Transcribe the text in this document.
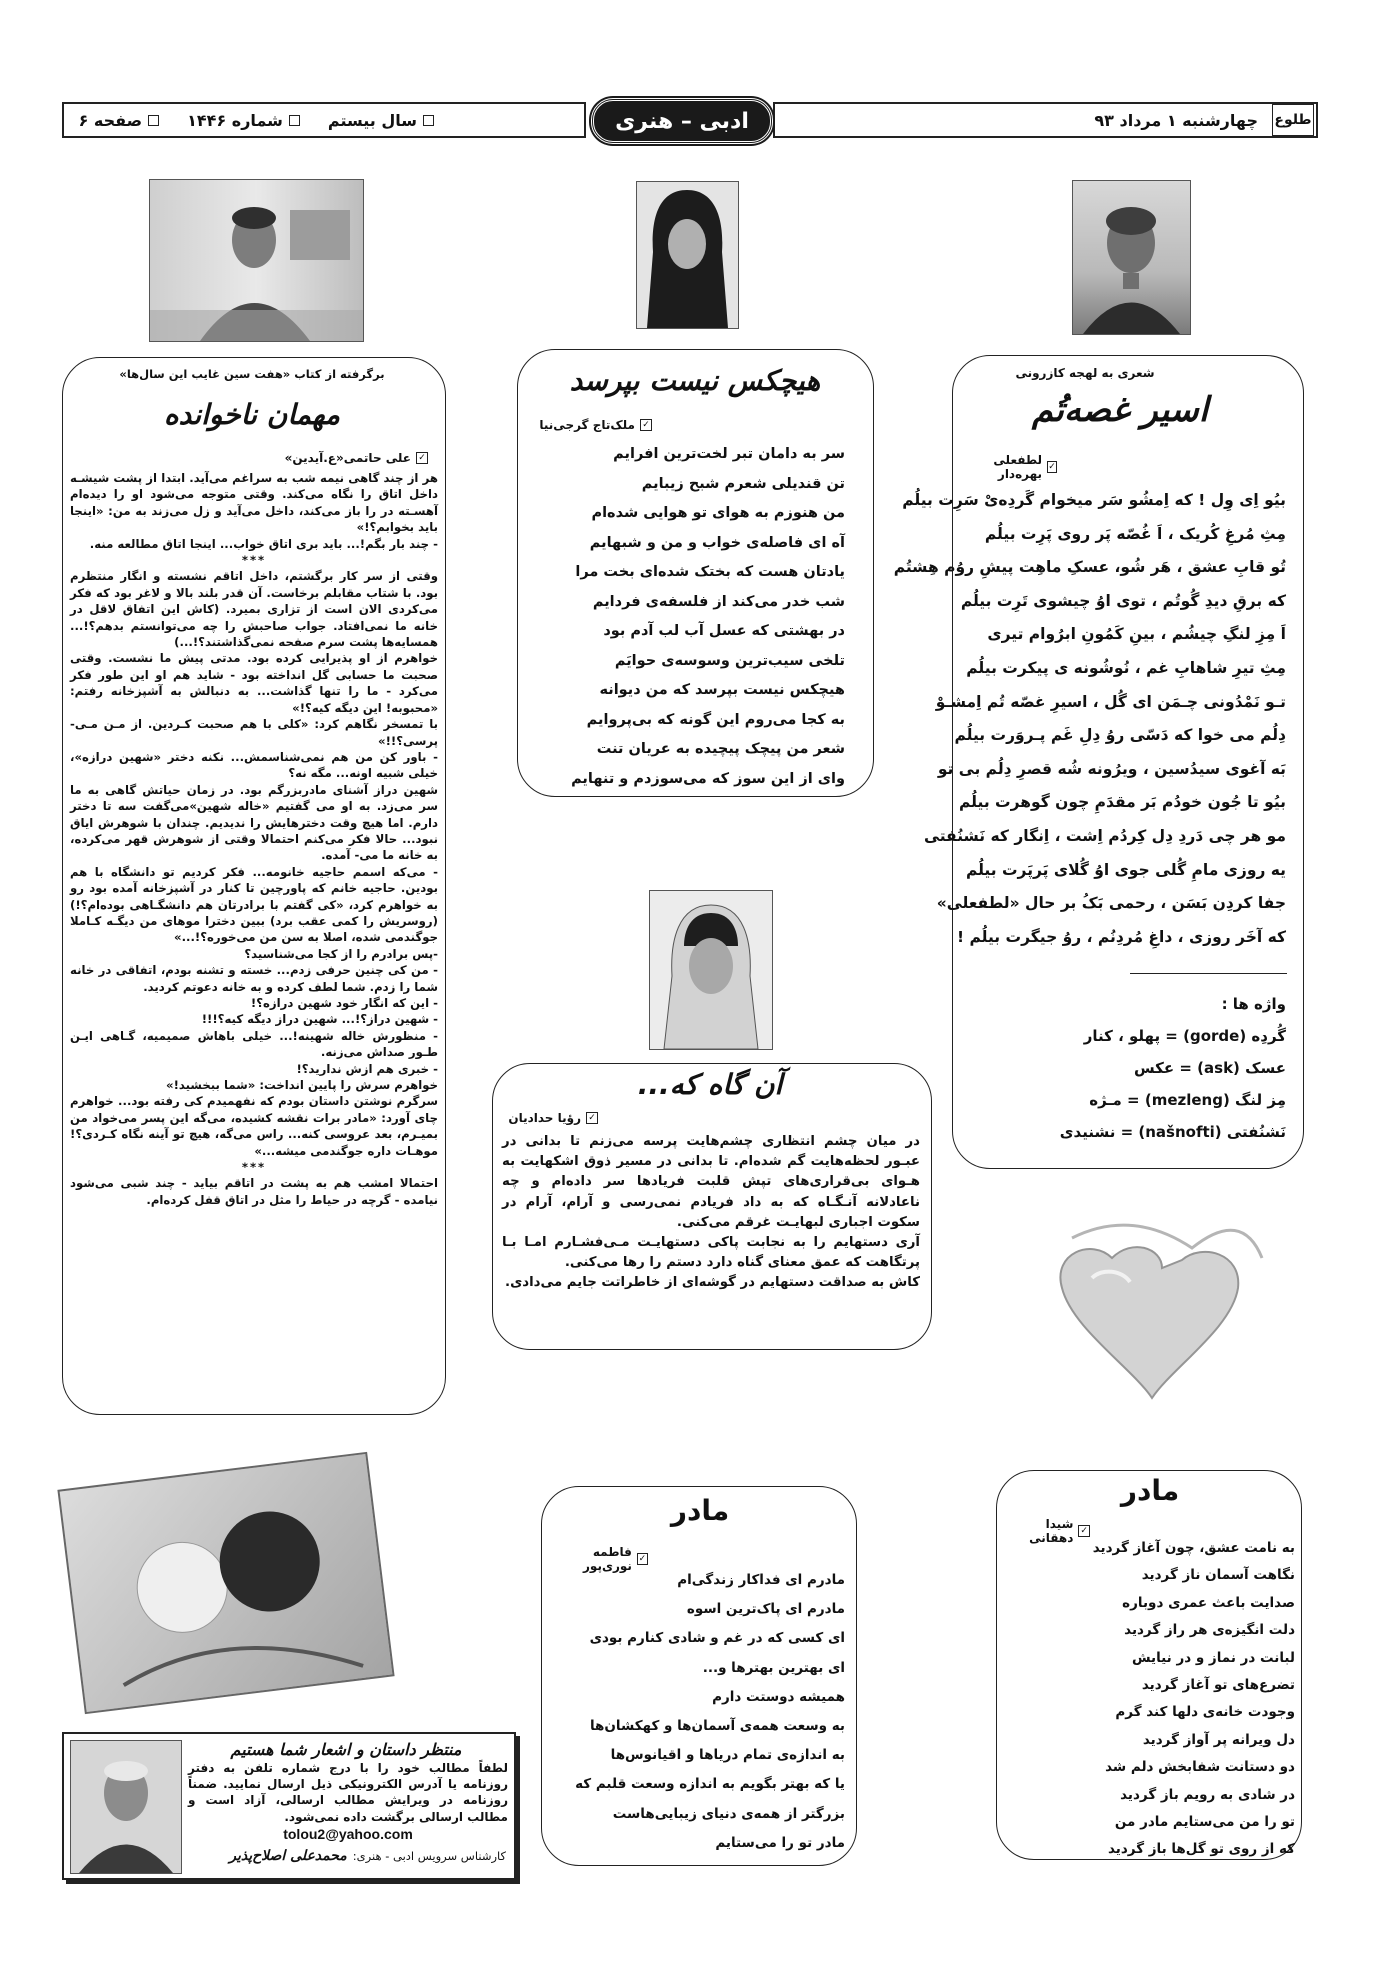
طلوع
چهارشنبه ۱ مرداد ۹۳
ادبی – هنری
سال بیستم
شماره ۱۴۴۶
صفحه ۶
شعری به لهجه کازرونی
اسیر غصه‌تُم
✓
لطفعلی بهره‌دار
بیُو اِی وِل ! که اِمشُو سَر میخوام گَردِه‌یْ سَرِت بیلُم
مِثِ مُرغِ کُریک ، اَ غُصّه پَر روی پَرِت بیلُم
تُو قابِ عشق ، هَر شُو، عسکِ ماهِت پیشِ روُم هِشتُم
که برقِ دیدِ گُوتُم ، توی اوُ چیشوی تَرِت بیلُم
اَ مِزِ لنگِ چیشُم ، بینِ کَمُونِ ابرُوام تیری
مِثِ تیرِ شاهابِ غم ، نُوشُونه ی پیکرت بیلُم
تـو نَمْدُونی چـمَن ای گُل ، اسیرِ غصّه تُم اِمشـوْ
دِلُم می خوا که دَسّی روُ دِلِ غَم پـروَرت بیلُم
بَه آغوی سیدُسین ، ویرُونه شُه قصرِ دِلُم بی تو
بیُو تا جُون خودُم بَر مقدَمِ چون گوهرت بیلُم
مو هر چی دَردِ دِل کِردُم اِشت ، اِنگار که نَشنُفتی
یه روزی مامِ گُلی جوی اوُ گُلای پَرپَرت بیلُم
جفا کردِن بَسَن ، رحمی بَکُ بر حال «لطفعلی»
که آخَر روزی ، داغِ مُردِنُم ، روُ جیگرت بیلُم !
واژه ها :
گُردِه (gorde) = پهلو ، کنار
عسک (ask) = عکس
مِز لنگ (mezleng) = مـژه
نَشنُفتی (našnofti) = نشنیدی
هیچکس نیست بپرسد
✓
ملک‌تاج گرجی‌نیا
سر به دامان تبر لخت‌ترین افرایم
تن قندیلی شعرم شبح زیبایم
من هنوزم به هوای تو هوایی شده‌ام
آه ای فاصله‌ی خواب و من و شبهایم
یادتان هست که بختک شده‌ای بخت مرا
شب خدر می‌کند از فلسفه‌ی فردایم
در بهشتی که عسل آب لب آدم بود
تلخی سیب‌ترین وسوسه‌ی حوایَم
هیچکس نیست بپرسد که من دیوانه
به کجا می‌روم این گونه که بی‌پروایم
شعر من پیچک پیچیده به عریان تنت
وای از این سوز که می‌سوزدم و تنهایم
آن گاه که...
✓
رؤیا حدادیان

در میان چشم انتظاری چشم‌هایت پرسه می‌زنم تا بدانی در عبـور لحظه‌هایت گم شده‌ام. تا بدانی در مسیر ذوق اشکهایت به هـوای بی‌قراری‌های تپش قلبت فریادها سر داده‌ام و چه ناعادلانه آنـگـاه که به داد فریادم نمی‌رسی و آرام، آرام در سکوت اجباری لبهایـت غرقم می‌کنی.

آری دستهایم را به نجابت پاکی دستهایـت مـی‌فشـارم امـا بـا پرتگاهت که عمق معنای گناه دارد دستم را رها می‌کنی.

کاش به صداقت دستهایم در گوشه‌ای از خاطراتت جایم می‌دادی.

برگرفته از کتاب «هفت سین غایب این سال‌ها»
مهمان ناخوانده
✓
علی حاتمی«ع.آیدین»

هر از چند گاهی نیمه شب به سراغم می‌آید. ابتدا از پشت شیشـه داخل اتاق را نگاه می‌کند. وقتی متوجه می‌شود او را دیده‌ام آهسـته در را باز می‌کند، داخل می‌آید و زل می‌زند به من: «اینجا باید بخوابم؟!»

- چند بار بگم!... باید بری اتاق خواب... اینجا اتاق مطالعه منه.

***

وقتی از سر کار برگشتم، داخل اتاقم نشسته و انگار منتظرم بود. با شتاب مقابلم برخاست. آن قدر بلند بالا و لاغر بود که فکر می‌کردی الان است از تزاری بمیرد. (کاش این اتفاق لاقل در خانه ما نمی‌افتاد. جواب صاحبش را چه می‌توانستم بدهم؟!... همسایه‌ها پشت سرم صفحه نمی‌گذاشتند؟!...)

خواهرم از او پذیرایی کرده بود. مدتی پیش ما نشست. وقتی صحبت ما حسابی گل انداخته بود - شاید هم او این طور فکر می‌کرد - ما را تنها گذاشت... به دنبالش به آشپزخانه رفتم: «محبوبه! این دیگه کیه؟!»

با تمسخر نگاهم کرد: «کلی با هم صحبت کـردین. از مـن مـی- پرسی؟!!»

- باور کن من هم نمی‌شناسمش... نکنه دختر «شهین درازه»، خیلی شبیه اونه... مگه نه؟

شهین دراز آشنای مادربزرگم بود. در زمان حیاتش گاهی به ما سر می‌زد. به او می گفتیم «خاله شهین»می‌گفت سه تا دختر دارم. اما هیچ وقت دخترهایش را ندیدیم. چندان با شوهرش ایاق نبود... حالا فکر می‌کنم احتمالا وقتی از شوهرش قهر می‌کرده، به خانه ما می- آمده.

- می‌که اسمم حاجیه خانومه... فکر کردیم تو دانشگاه با هم بودین. حاجیه خانم که پاورچین تا کنار در آشپزخانه آمده بود رو به خواهرم کرد، «کی گفتم با برادرتان هم دانشگـاهی بوده‌ام؟!) (روسریش را کمی عقب برد) ببین دخترا موهای من دیگـه کـاملا جوگندمی شده، اصلا به سن من می‌خوره؟!...»

-پس برادرم را از کجا می‌شناسید؟

- من کی چنین حرفی زدم... خسته و تشنه بودم، اتفاقی در خانه شما را زدم. شما لطف کرده و به خانه دعوتم کردید.

- این که انگار خود شهین درازه؟!

- شهین دراز؟!... شهین دراز دیگه کیه؟!!!

- منظورش خاله شهینه!... خیلی باهاش صمیمیه، گـاهی ایـن طـور صداش می‌زنه.

- خبری هم ازش ندارید؟!

خواهرم سرش را پایین انداخت: «شما ببخشید!»

سرگرم نوشتن داستان بودم که نفهمیدم کی رفته بود... خواهرم چای آورد: «مادر برات نقشه کشیده، می‌گه این پسر می‌خواد من بمیـرم، بعد عروسی کنه... راس می‌گه، هیچ تو آینه نگاه کـردی؟! موهـات داره جوگندمی میشه...»

***

احتمالا امشب هم به پشت در اتاقم بیاید - چند شبی می‌شود نیامده - گرچه در حیاط را مثل در اتاق قفل کرده‌ام.

مادر
✓
شیدا دهقانی
به نامت عشق، چون آغاز گردید
نگاهت آسمان ناز گردید
صدایت باعث عمری دوباره
دلت انگیزه‌ی هر راز گردید
لبانت در نماز و در نیایش
تضرع‌های تو آغاز گردید
وجودت خانه‌ی دلها کند گرم
دل ویرانه پر آواز گردید
دو دستانت شفابخش دلم شد
در شادی به رویم باز گردید
تو را من می‌ستایم مادر من
که از روی تو گل‌ها باز گردید
مادر
✓
فاطمه نوری‌پور
مادرم ای فداکار زندگی‌ام
مادرم ای پاک‌ترین اسوه
ای کسی که در غم و شادی کنارم بودی
ای بهترین بهترها و...
همیشه دوستت دارم
به وسعت همه‌ی آسمان‌ها و کهکشان‌ها
به اندازه‌ی تمام دریاها و اقیانوس‌ها
یا که بهتر بگویم به اندازه وسعت قلبم که
بزرگتر از همه‌ی دنیای زیبایی‌هاست
مادر تو را می‌ستایم
منتظر داستان و اشعار شما هستیم
لطفاً مطالب خود را با درج شماره تلفن به دفتر روزنامه یا آدرس الکترونیکی ذیل ارسال نمایید. ضمناً روزنامه در ویرایش مطالب ارسالی، آزاد است و مطالب ارسالی برگشت داده نمی‌شود.
tolou2@yahoo.com
کارشناس سرویس ادبی - هنری:
محمدعلی اصلاح‌پذیر
